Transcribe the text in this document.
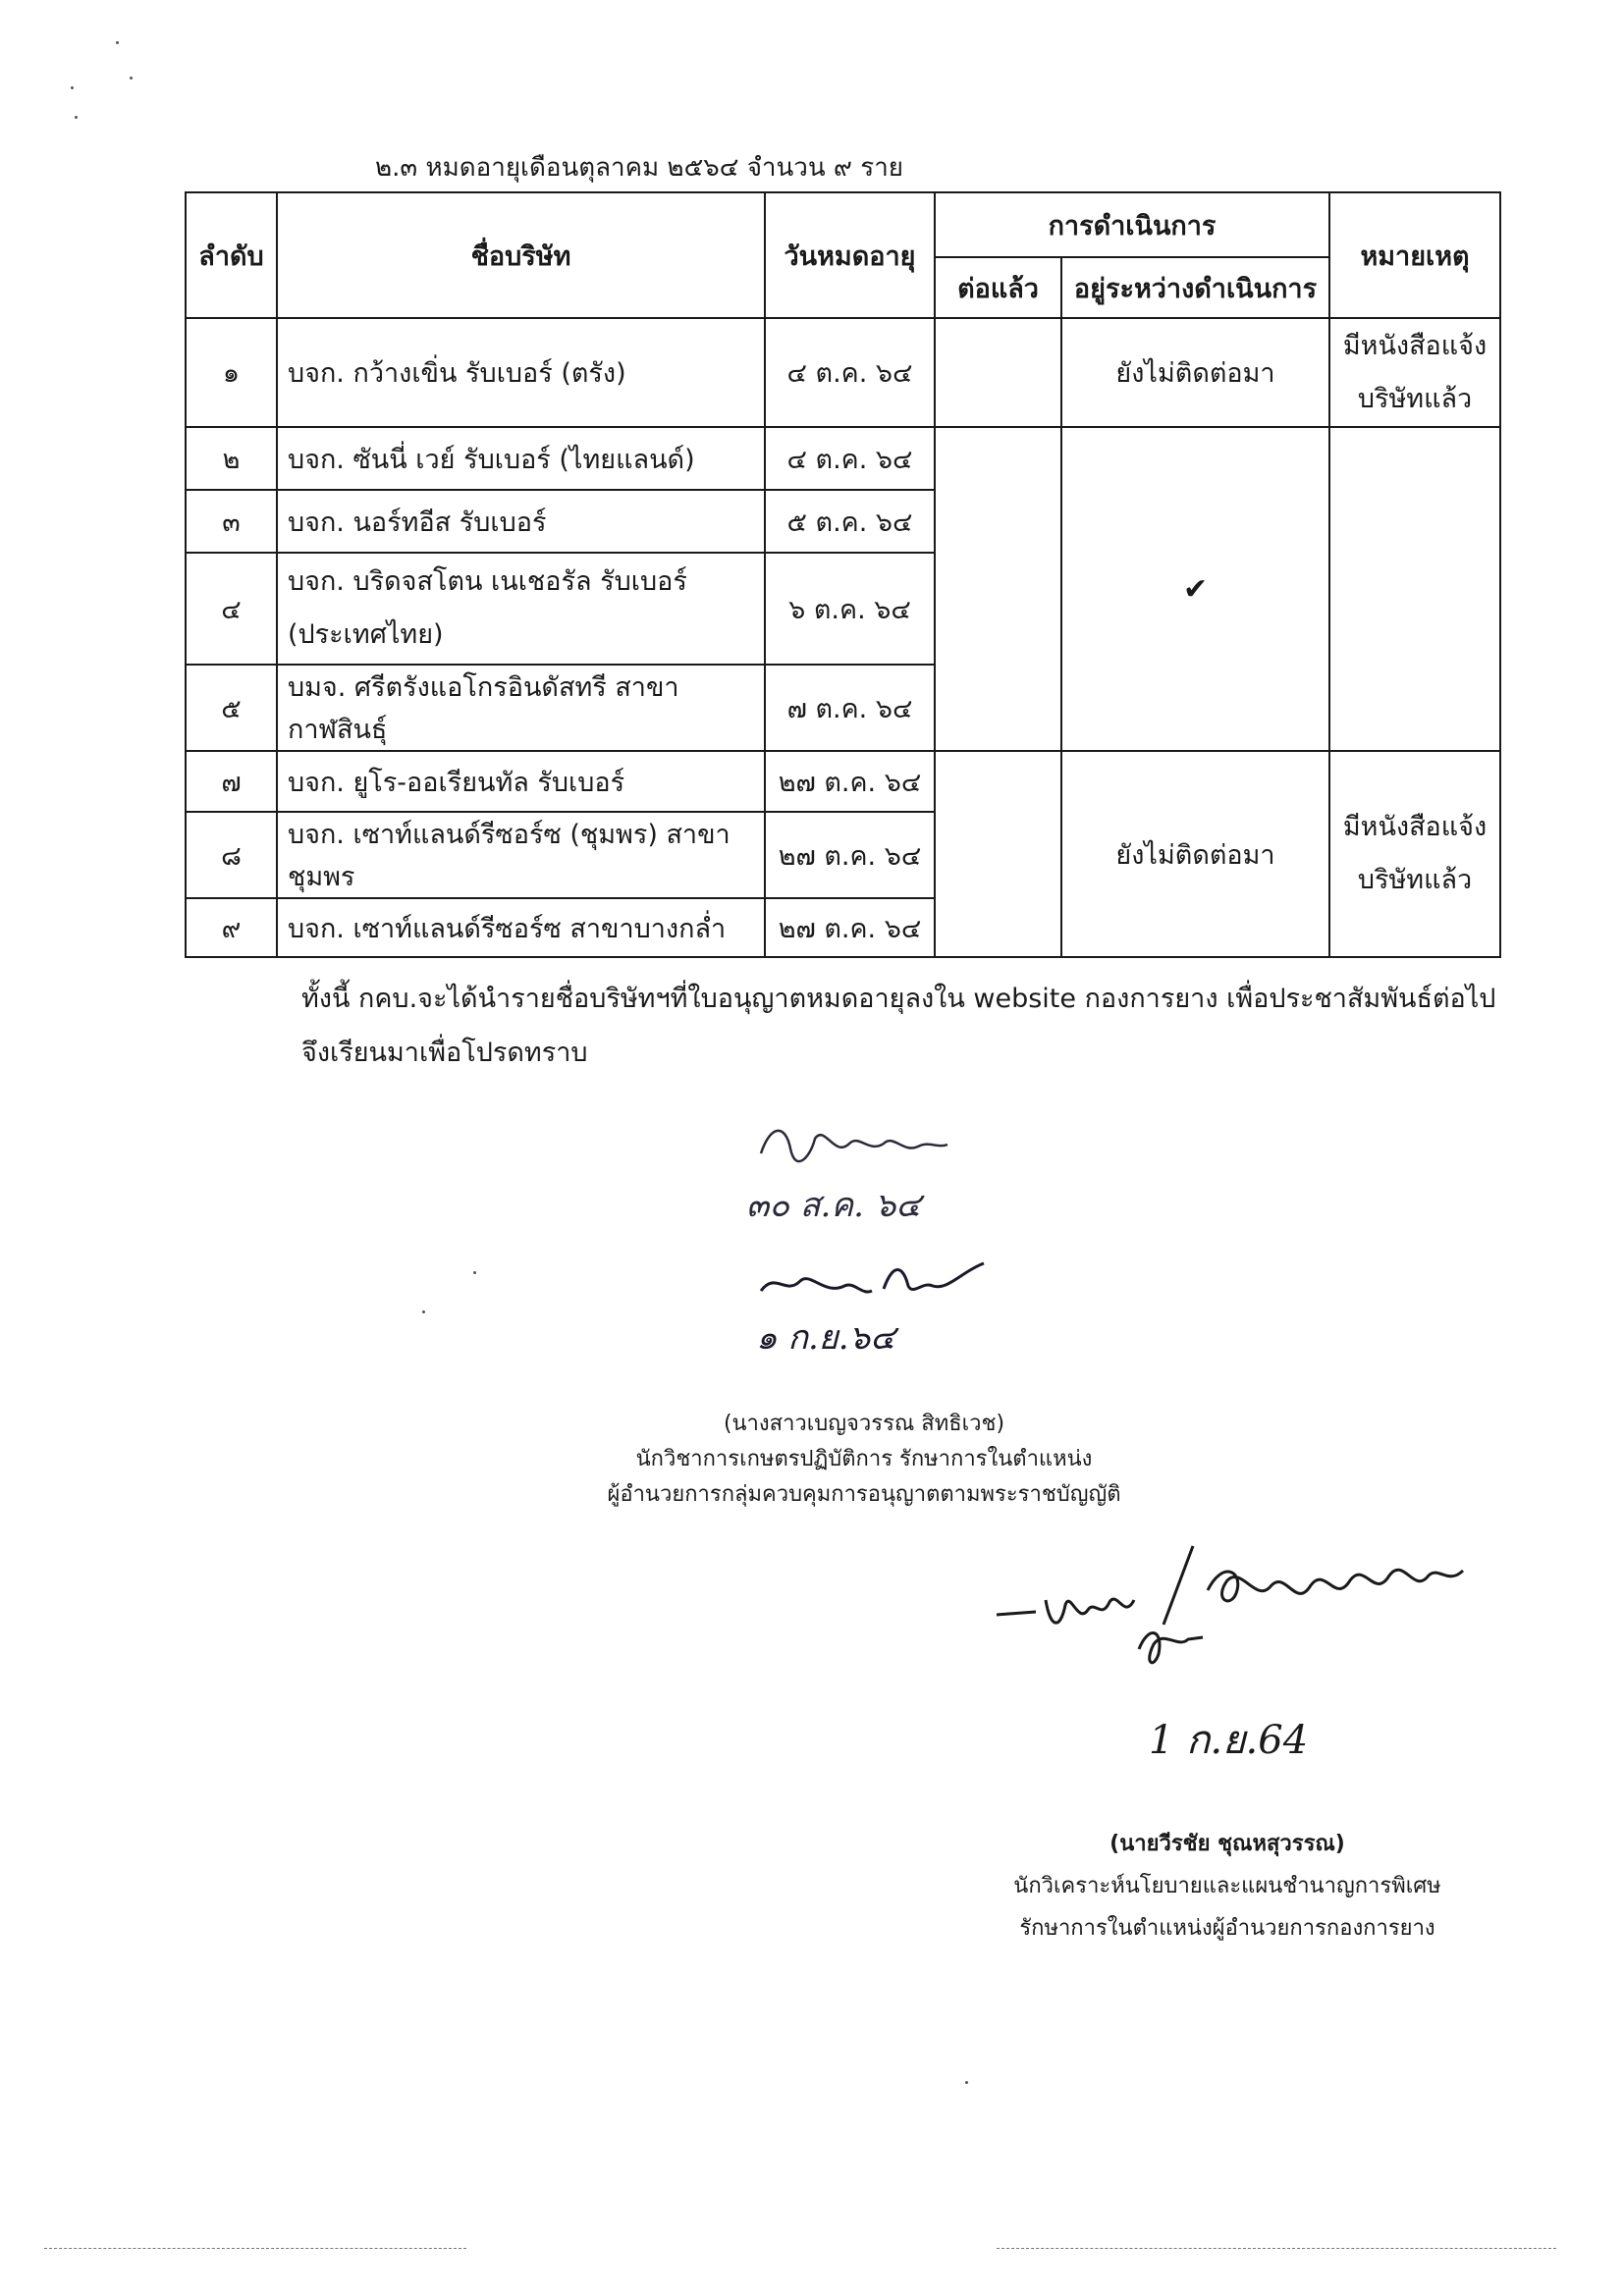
๒.๓ หมดอายุเดือนตุลาคม ๒๕๖๔ จำนวน ๙ ราย
ลำดับ	ชื่อบริษัท	วันหมดอายุ	การดำเนินการ		หมายเหตุ
			ต่อแล้ว	อยู่ระหว่างดำเนินการ	
๑	บจก. กว้างเขิ่น รับเบอร์ (ตรัง)	๔ ต.ค. ๖๔		ยังไม่ติดต่อมา	มีหนังสือแจ้ง
บริษัทแล้ว
๒	บจก. ซันนี่ เวย์ รับเบอร์ (ไทยแลนด์)	๔ ต.ค. ๖๔		✔	
๓	บจก. นอร์ทอีส รับเบอร์	๕ ต.ค. ๖๔			
๔	บจก. บริดจสโตน เนเชอรัล รับเบอร์
(ประเทศไทย)	๖ ต.ค. ๖๔			
๕	บมจ. ศรีตรังแอโกรอินดัสทรี สาขากาฬสินธุ์	๗ ต.ค. ๖๔			
๗	บจก. ยูโร-ออเรียนทัล รับเบอร์	๒๗ ต.ค. ๖๔		ยังไม่ติดต่อมา	มีหนังสือแจ้ง
บริษัทแล้ว
๘	บจก. เซาท์แลนด์รีซอร์ซ (ชุมพร) สาขาชุมพร	๒๗ ต.ค. ๖๔			
๙	บจก. เซาท์แลนด์รีซอร์ซ สาขาบางกล่ำ	๒๗ ต.ค. ๖๔			
ทั้งนี้ กคบ.จะได้นำรายชื่อบริษัทฯที่ใบอนุญาตหมดอายุลงใน website กองการยาง เพื่อประชาสัมพันธ์ต่อไป
จึงเรียนมาเพื่อโปรดทราบ
๓๐ ส.ค. ๖๔
๑ ก.ย.๖๔
(นางสาวเบญจวรรณ สิทธิเวช)
นักวิชาการเกษตรปฏิบัติการ รักษาการในตำแหน่ง
ผู้อำนวยการกลุ่มควบคุมการอนุญาตตามพระราชบัญญัติ
1 ก.ย.64
(นายวีรชัย ชุณหสุวรรณ)
นักวิเคราะห์นโยบายและแผนชำนาญการพิเศษ
รักษาการในตำแหน่งผู้อำนวยการกองการยาง
